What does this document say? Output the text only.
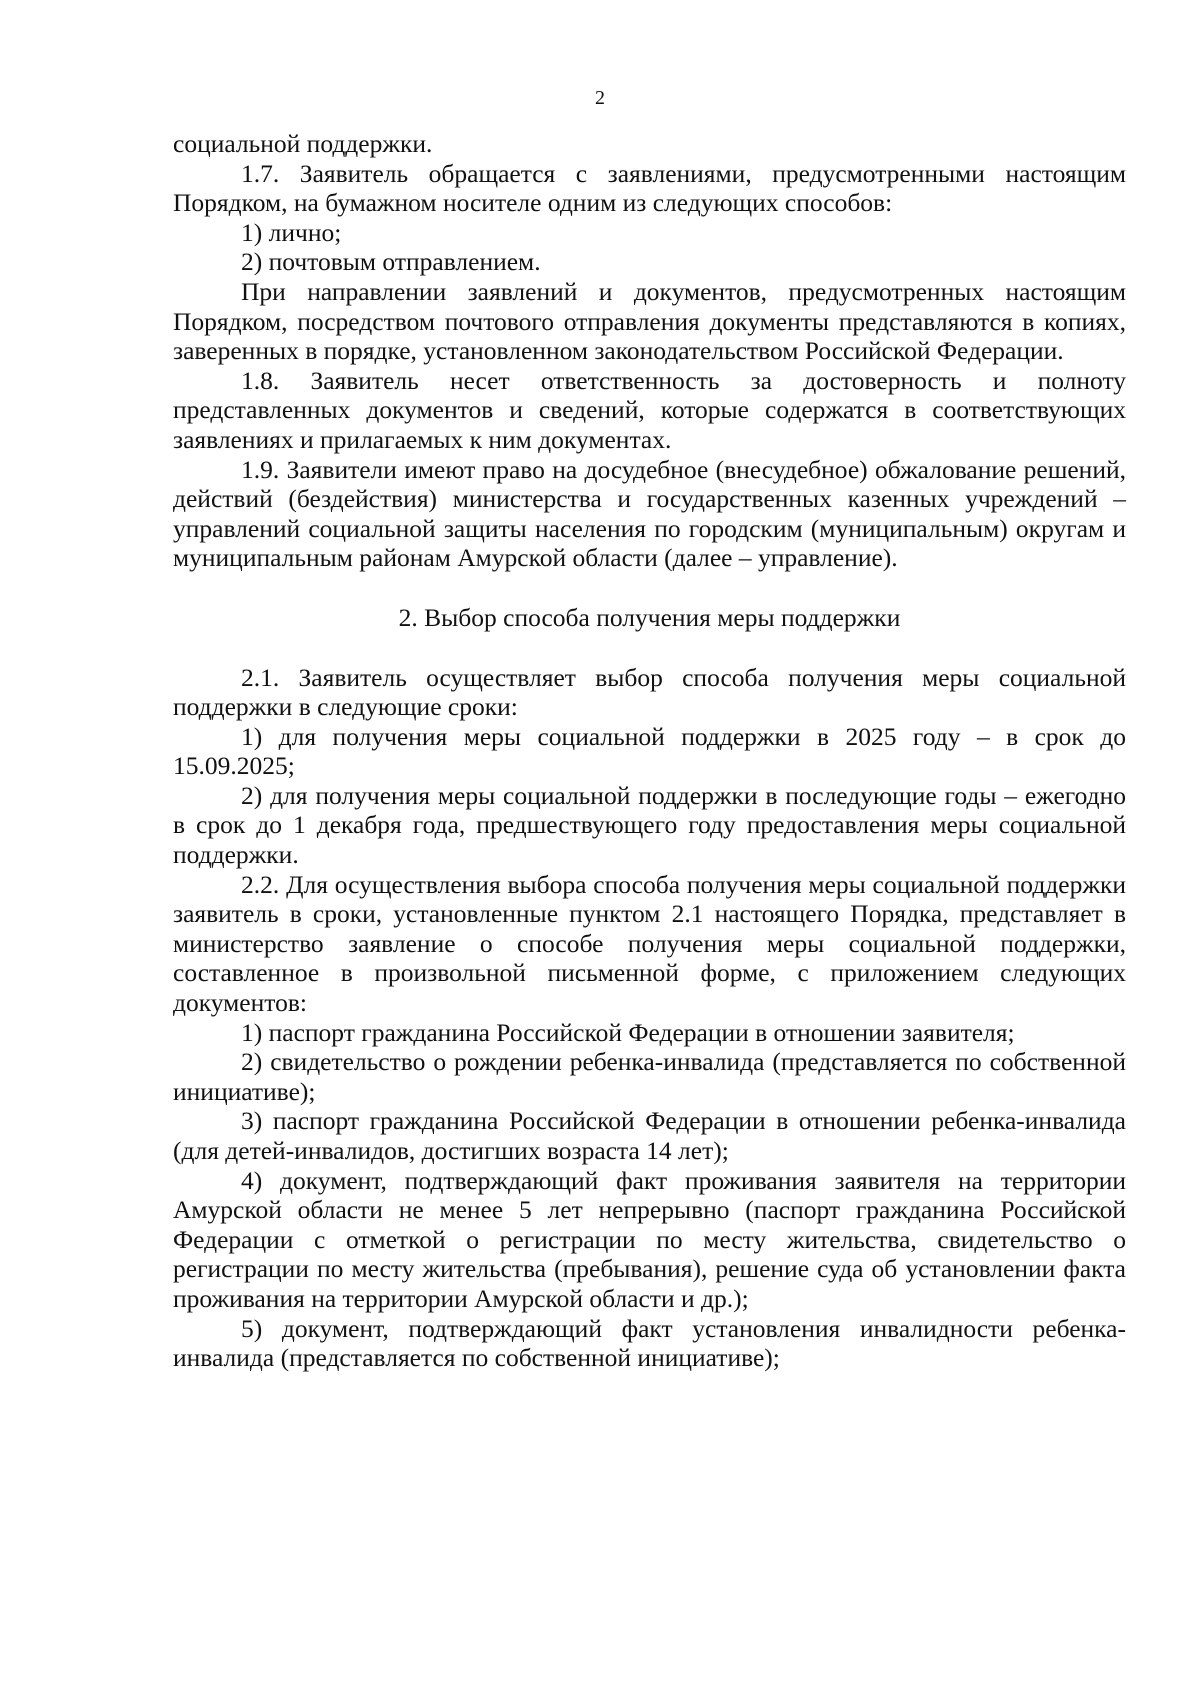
2

социальной поддержки.

1.7. Заявитель обращается с заявлениями, предусмотренными настоящим Порядком, на бумажном носителе одним из следующих способов:

1) лично;

2) почтовым отправлением.

При направлении заявлений и документов, предусмотренных настоящим Порядком, посредством почтового отправления документы представляются в копиях, заверенных в порядке, установленном законодательством Российской Федерации.

1.8. Заявитель несет ответственность за достоверность и полноту представленных документов и сведений, которые содержатся в соответствующих заявлениях и прилагаемых к ним документах.

1.9. Заявители имеют право на досудебное (внесудебное) обжалование решений, действий (бездействия) министерства и государственных казенных учреждений – управлений социальной защиты населения по городским (муниципальным) округам и муниципальным районам Амурской области (далее – управление).

2. Выбор способа получения меры поддержки

2.1. Заявитель осуществляет выбор способа получения меры социальной поддержки в следующие сроки:

1) для получения меры социальной поддержки в 2025 году – в срок до 15.09.2025;

2) для получения меры социальной поддержки в последующие годы – ежегодно в срок до 1 декабря года, предшествующего году предоставления меры социальной поддержки.

2.2. Для осуществления выбора способа получения меры социальной поддержки заявитель в сроки, установленные пунктом 2.1 настоящего Порядка, представляет в министерство заявление о способе получения меры социальной поддержки, составленное в произвольной письменной форме, с приложением следующих документов:

1) паспорт гражданина Российской Федерации в отношении заявителя;

2) свидетельство о рождении ребенка-инвалида (представляется по собственной инициативе);

3) паспорт гражданина Российской Федерации в отношении ребенка-инвалида (для детей-инвалидов, достигших возраста 14 лет);

4) документ, подтверждающий факт проживания заявителя на территории Амурской области не менее 5 лет непрерывно (паспорт гражданина Российской Федерации с отметкой о регистрации по месту жительства, свидетельство о регистрации по месту жительства (пребывания), решение суда об установлении факта проживания на территории Амурской области и др.);

5) документ, подтверждающий факт установления инвалидности ребенка-инвалида (представляется по собственной инициативе);
